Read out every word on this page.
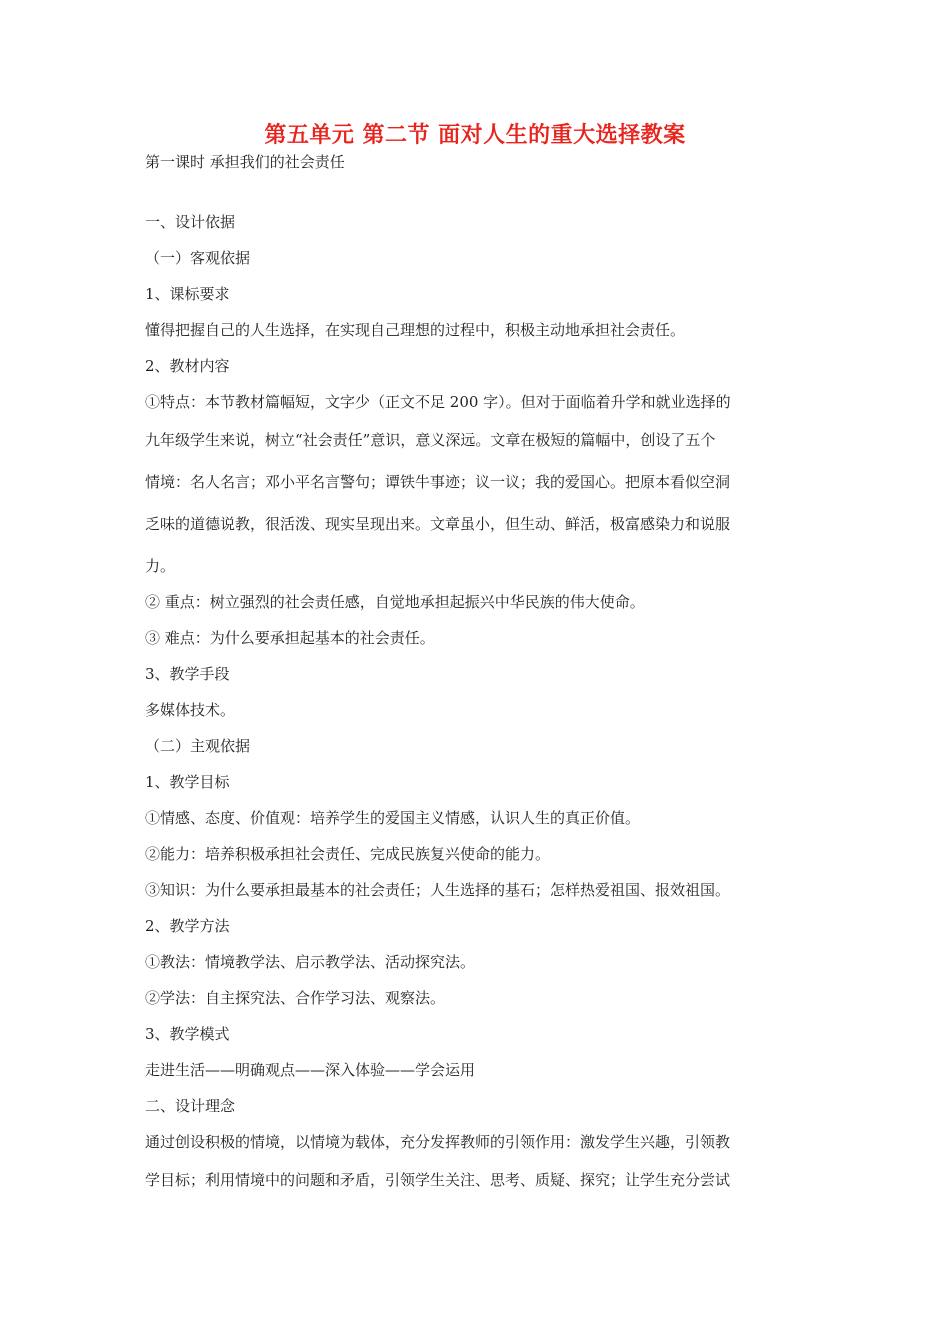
第五单元 第二节 面对人生的重大选择教案
第一课时 承担我们的社会责任
一、设计依据
（一）客观依据
1、课标要求
懂得把握自己的人生选择，在实现自己理想的过程中，积极主动地承担社会责任。
2、教材内容
①特点：本节教材篇幅短，文字少（正文不足 200 字）。但对于面临着升学和就业选择的
九年级学生来说，树立“社会责任”意识，意义深远。文章在极短的篇幅中，创设了五个
情境：名人名言；邓小平名言警句；谭铁牛事迹；议一议；我的爱国心。把原本看似空洞
乏味的道德说教，很活泼、现实呈现出来。文章虽小，但生动、鲜活，极富感染力和说服
力。
② 重点：树立强烈的社会责任感，自觉地承担起振兴中华民族的伟大使命。
③ 难点：为什么要承担起基本的社会责任。
3、教学手段
多媒体技术。
（二）主观依据
1、教学目标
①情感、态度、价值观：培养学生的爱国主义情感，认识人生的真正价值。
②能力：培养积极承担社会责任、完成民族复兴使命的能力。
③知识：为什么要承担最基本的社会责任；人生选择的基石；怎样热爱祖国、报效祖国。
2、教学方法
①教法：情境教学法、启示教学法、活动探究法。
②学法：自主探究法、合作学习法、观察法。
3、教学模式
走进生活——明确观点——深入体验——学会运用
二、设计理念
通过创设积极的情境，以情境为载体，充分发挥教师的引领作用：激发学生兴趣，引领教
学目标；利用情境中的问题和矛盾，引领学生关注、思考、质疑、探究；让学生充分尝试
